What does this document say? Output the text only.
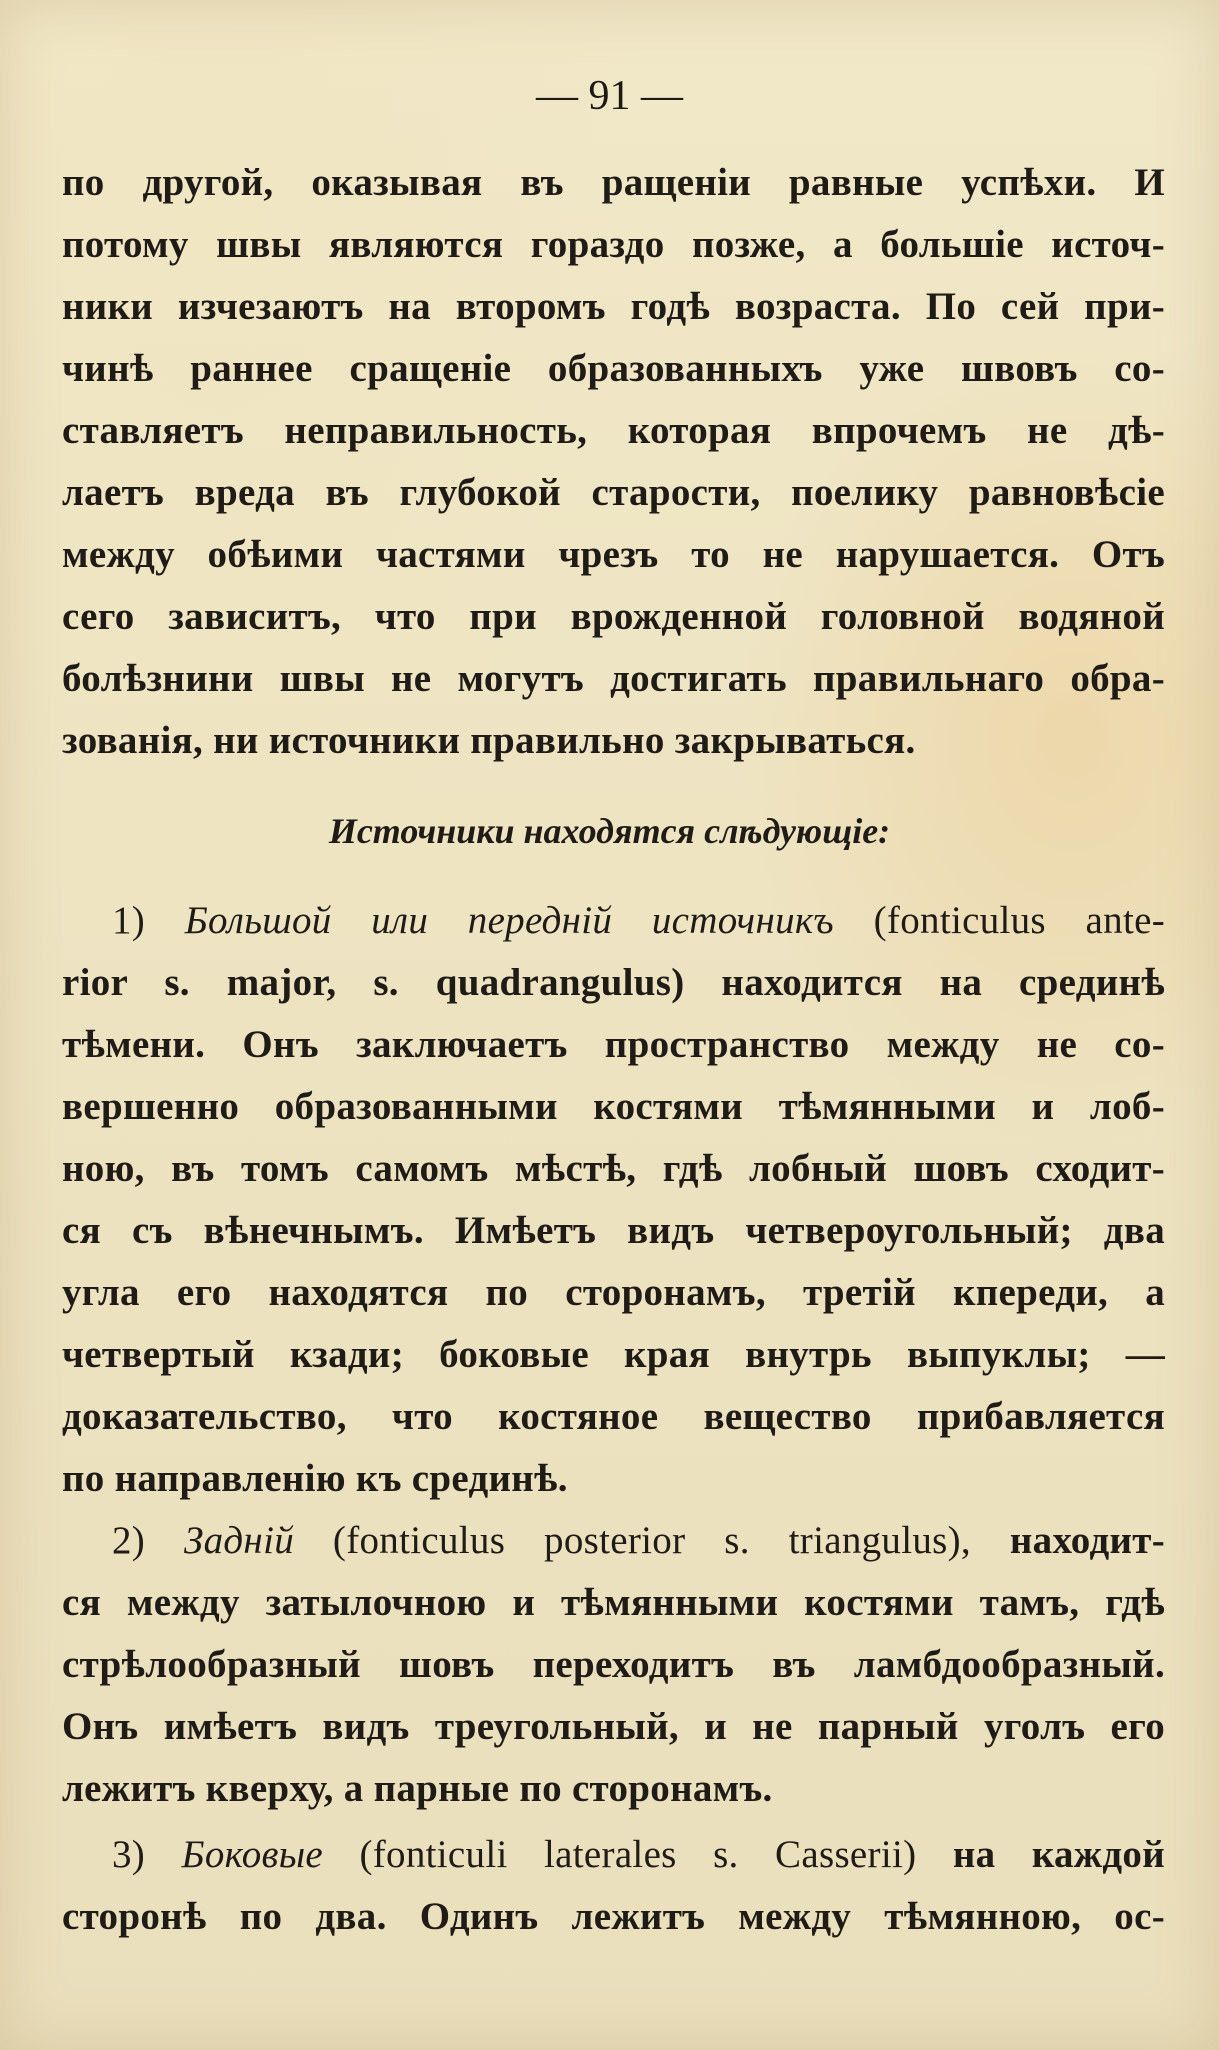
— 91 —
по другой, оказывая въ ращеніи равные успѣхи. И
потому швы являются гораздо позже, а большіе источ-
ники изчезаютъ на второмъ годѣ возраста. По сей при-
чинѣ раннее сращеніе образованныхъ уже швовъ со-
ставляетъ неправильность, которая впрочемъ не дѣ-
лаетъ вреда въ глубокой старости, поелику равновѣсіе
между обѣими частями чрезъ то не нарушается. Отъ
сего зависитъ, что при врожденной головной водяной
болѣзнини швы не могутъ достигать правильнаго обра-
зованія, ни источники правильно закрываться.
Источники находятся слѣдующіе:
1) Большой или передній источникъ (fonticulus ante-
rior s. major, s. quadrangulus) находится на срединѣ
тѣмени. Онъ заключаетъ пространство между не со-
вершенно образованными костями тѣмянными и лоб-
ною, въ томъ самомъ мѣстѣ, гдѣ лобный шовъ сходит-
ся съ вѣнечнымъ. Имѣетъ видъ четвероугольный; два
угла его находятся по сторонамъ, третій кпереди, а
четвертый кзади; боковые края внутрь выпуклы; —
доказательство, что костяное вещество прибавляется
по направленію къ срединѣ.
2) Задній (fonticulus posterior s. triangulus), находит-
ся между затылочною и тѣмянными костями тамъ, гдѣ
стрѣлообразный шовъ переходитъ въ ламбдообразный.
Онъ имѣетъ видъ треугольный, и не парный уголъ его
лежитъ кверху, а парные по сторонамъ.
3) Боковые (fonticuli laterales s. Casserii) на каждой
сторонѣ по два. Одинъ лежитъ между тѣмянною, ос-
